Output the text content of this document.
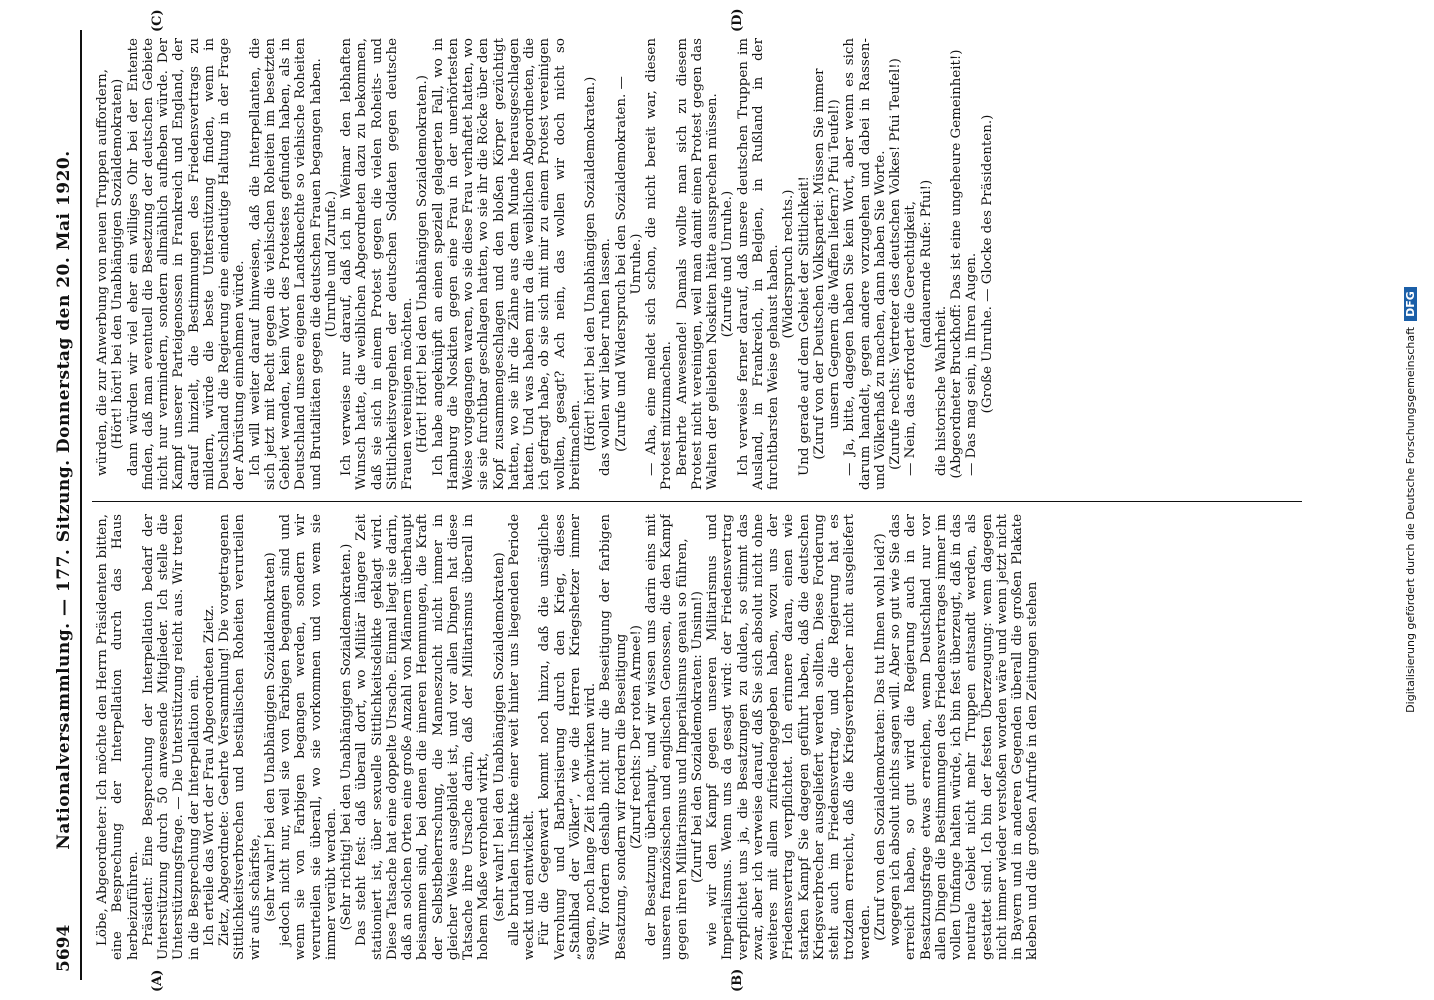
5694
Nationalversammlung. — 177. Sitzung. Donnerstag den 20. Mai 1920.
(A)	(B)
(C)	(D)

Löbe, Abgeordneter: Ich möchte den Herrn Präsidenten bitten, eine Besprechung der Interpellation durch das Haus herbeizuführen. Präsident: Eine Besprechung der Interpellation bedarf der Unterstützung durch 50 anwesende Mitglieder. Ich stelle die Unterstützungsfrage. — Die Unterstützung reicht aus. Wir treten in die Besprechung der Interpellation ein. Ich erteile das Wort der Frau Abgeordneten Zietz. Zietz, Abgeordnete: Geehrte Versammlung! Die vorgetragenen Sittlichkeitsverbrechen und bestialischen Roheiten verurteilen wir aufs schärfste, (sehr wahr! bei den Unabhängigen Sozialdemokraten) jedoch nicht nur, weil sie von Farbigen begangen sind und wenn sie von Farbigen begangen werden, sondern wir verurteilen sie überall, wo sie vorkommen und von wem sie immer verübt werden. (Sehr richtig! bei den Unabhängigen Sozialdemokraten.) Das steht fest: daß überall dort, wo Militär längere Zeit stationiert ist, über sexuelle Sittlichkeitsdelikte geklagt wird. Diese Tatsache hat eine doppelte Ursache. Einmal liegt sie darin, daß an solchen Orten eine große Anzahl von Männern überhaupt beisammen sind, bei denen die inneren Hemmungen, die Kraft der Selbstbeherrschung, die Manneszucht nicht immer in gleicher Weise ausgebildet ist, und vor allen Dingen hat diese Tatsache ihre Ursache darin, daß der Militarismus überall in hohem Maße verrohend wirkt, (sehr wahr! bei den Unabhängigen Sozialdemokraten) alle brutalen Instinkte einer weit hinter uns liegenden Periode weckt und entwickelt. Für die Gegenwart kommt noch hinzu, daß die unsägliche Verrohung und Barbarisierung durch den Krieg, dieses „Stahlbad der Völker“, wie die Herren Kriegshetzer immer sagen, noch lange Zeit nachwirken wird. Wir fordern deshalb nicht nur die Beseitigung der farbigen Besatzung, sondern wir fordern die Beseitigung (Zuruf rechts: Der roten Armee!) der Besatzung überhaupt, und wir wissen uns darin eins mit unseren französischen und englischen Genossen, die den Kampf gegen ihren Militarismus und Imperialismus genau so führen, (Zuruf bei den Sozialdemokraten: Unsinn!) wie wir den Kampf gegen unseren Militarismus und Imperialismus. Wenn uns da gesagt wird: der Friedensvertrag verpflichtet uns ja, die Besatzungen zu dulden, so stimmt das zwar, aber ich verweise darauf, daß Sie sich absolut nicht ohne weiteres mit allem zufriedengegeben haben, wozu uns der Friedensvertrag verpflichtet. Ich erinnere daran, einen wie starken Kampf Sie dagegen geführt haben, daß die deutschen Kriegsverbrecher ausgeliefert werden sollten. Diese Forderung steht auch im Friedensvertrag, und die Regierung hat es trotzdem erreicht, daß die Kriegsverbrecher nicht ausgeliefert werden. (Zuruf von den Sozialdemokraten: Das tut Ihnen wohl leid?) wogegen ich absolut nichts sagen will. Aber so gut wie Sie das erreicht haben, so gut wird die Regierung auch in der Besatzungsfrage etwas erreichen, wenn Deutschland nur vor allen Dingen die Bestimmungen des Friedensvertrages immer im vollen Umfange halten würde, ich bin fest überzeugt, daß in das neutrale Gebiet nicht mehr Truppen entsandt werden, als gestattet sind. Ich bin der festen Überzeugung: wenn dagegen nicht immer wieder verstoßen worden wäre und wenn jetzt nicht in Bayern und in anderen Gegenden überall die großen Plakate kleben und die großen Aufrufe in den Zeitungen stehen

würden, die zur Anwerbung von neuen Truppen auffordern, (Hört! hört! bei den Unabhängigen Sozialdemokraten) dann würden wir viel eher ein williges Ohr bei der Entente finden, daß man eventuell die Besetzung der deutschen Gebiete nicht nur vermindern, sondern allmählich aufheben würde. Der Kampf unserer Parteigenossen in Frankreich und England, der darauf hinzielt, die Bestimmungen des Friedensvertrags zu mildern, würde die beste Unterstützung finden, wenn in Deutschland die Regierung eine eindeutige Haltung in der Frage der Abrüstung einnehmen würde. Ich will weiter darauf hinweisen, daß die Interpellanten, die sich jetzt mit Recht gegen die viehischen Roheiten im besetzten Gebiet wenden, kein Wort des Protestes gefunden haben, als in Deutschland unsere eigenen Landsknechte so viehische Roheiten und Brutalitäten gegen die deutschen Frauen begangen haben. (Unruhe und Zurufe.) Ich verweise nur darauf, daß ich in Weimar den lebhaften Wunsch hatte, die weiblichen Abgeordneten dazu zu bekommen, daß sie sich in einem Protest gegen die vielen Roheits- und Sittlichkeitsvergehen der deutschen Soldaten gegen deutsche Frauen vereinigen möchten. (Hört! Hört! bei den Unabhängigen Sozialdemokraten.) Ich habe angeknüpft an einen speziell gelagerten Fall, wo in Hamburg die Noskiten gegen eine Frau in der unerhörtesten Weise vorgegangen waren, wo sie diese Frau verhaftet hatten, wo sie sie furchtbar geschlagen hatten, wo sie ihr die Röcke über den Kopf zusammengeschlagen und den bloßen Körper gezüchtigt hatten, wo sie ihr die Zähne aus dem Munde herausgeschlagen hatten. Und was haben mir da die weiblichen Abgeordneten, die ich gefragt habe, ob sie sich mit mir zu einem Protest vereinigen wollten, gesagt? Ach nein, das wollen wir doch nicht so breitmachen. (Hört! hört! bei den Unabhängigen Sozialdemokraten.) das wollen wir lieber ruhen lassen. (Zurufe und Widerspruch bei den Sozialdemokraten. — Unruhe.) — Aha, eine meldet sich schon, die nicht bereit war, diesen Protest mitzumachen. Berehrte Anwesende! Damals wollte man sich zu diesem Protest nicht vereinigen, weil man damit einen Protest gegen das Walten der geliebten Noskiten hätte aussprechen müssen. (Zurufe und Unruhe.) Ich verweise ferner darauf, daß unsere deutschen Truppen im Ausland, in Frankreich, in Belgien, in Rußland in der furchtbarsten Weise gehaust haben. (Widerspruch rechts.) Und gerade auf dem Gebiet der Sittlichkeit! (Zuruf von der Deutschen Volkspartei: Müssen Sie immer unsern Gegnern die Waffen liefern? Pfui Teufel!) — Ja, bitte, dagegen haben Sie kein Wort, aber wenn es sich darum handelt, gegen andere vorzugehen und dabei in Rassen- und Völkerhaß zu machen, dann haben Sie Worte. (Zurufe rechts: Vertreter des deutschen Volkes! Pfui Teufel!) — Nein, das erfordert die Gerechtigkeit, (andauernde Rufe: Pfui!)

die historische Wahrheit. (Abgeordneter Bruckhoff: Das ist eine ungeheure Gemeinheit!) — Das mag sein, in Ihren Augen. (Große Unruhe. — Glocke des Präsidenten.)

Digitalisierung gefördert durch die Deutsche ForschungsgemeinschaftDFG
